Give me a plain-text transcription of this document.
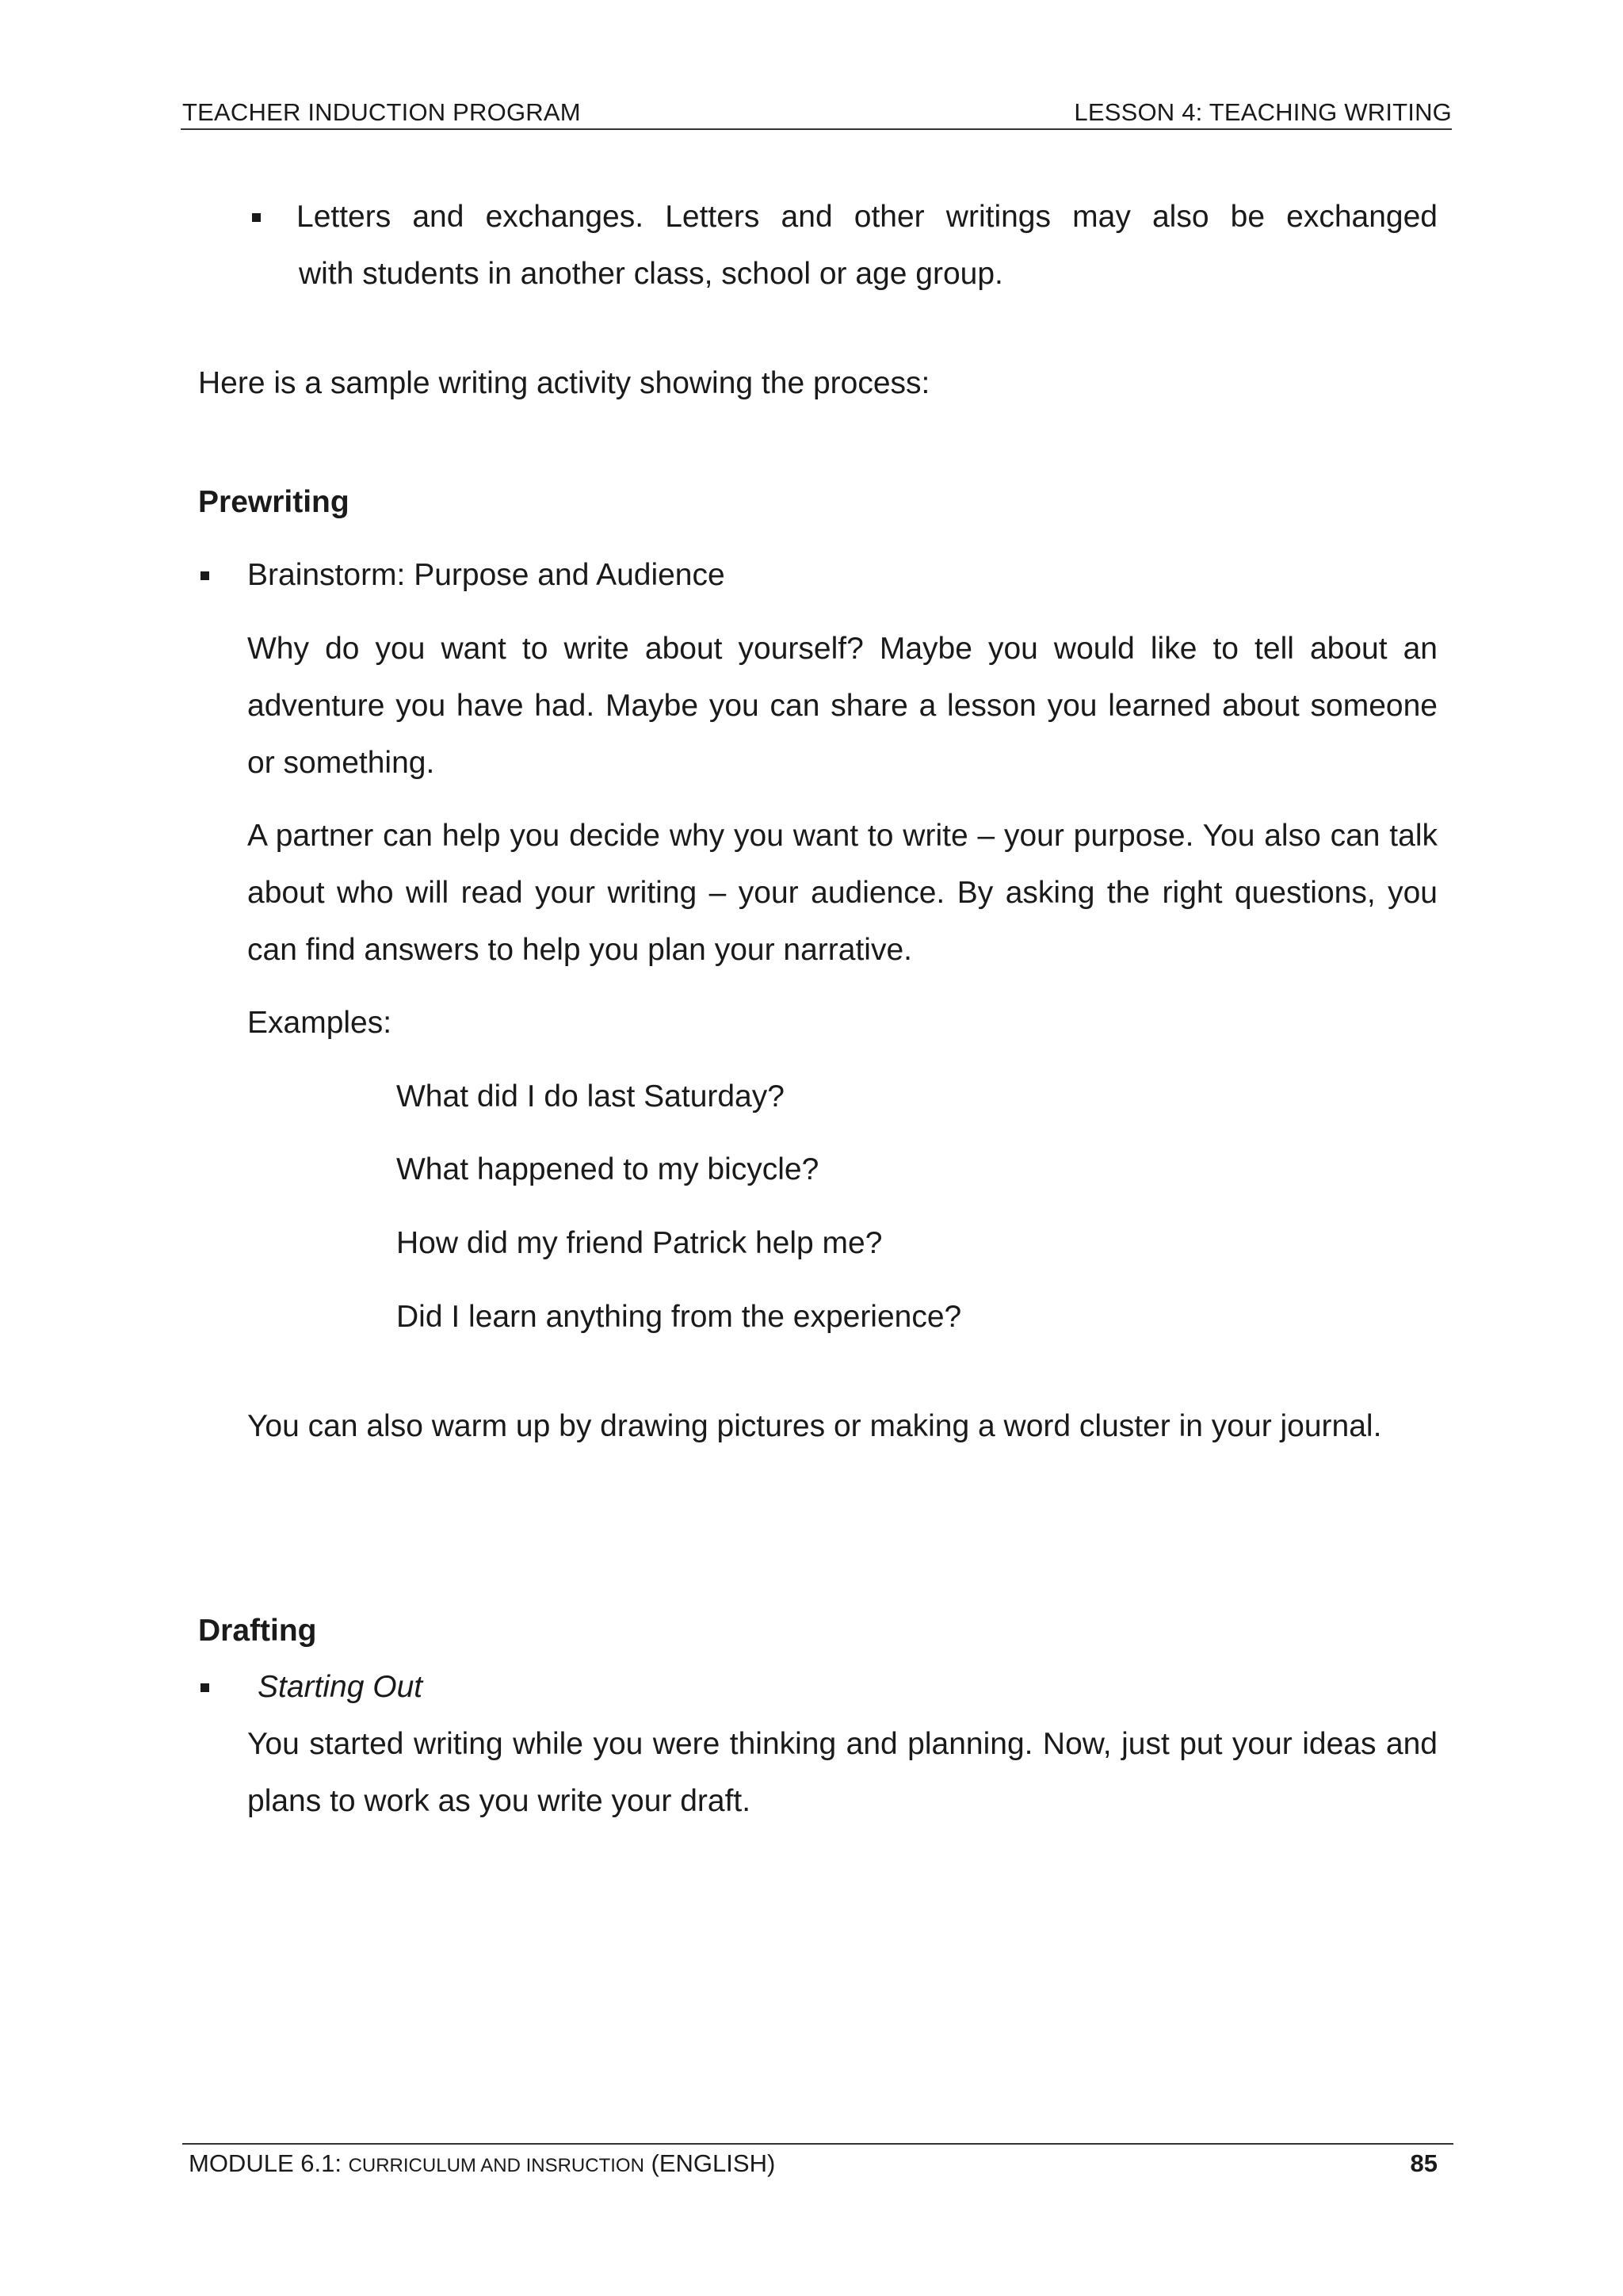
TEACHER INDUCTION PROGRAM	LESSON 4: TEACHING WRITING
Letters and exchanges. Letters and other writings may also be exchanged
with students in another class, school or age group.
Here is a sample writing activity showing the process:
Prewriting
Brainstorm: Purpose and Audience
Why do you want to write about yourself? Maybe you would like to tell about an adventure you have had. Maybe you can share a lesson you learned about someone or something.
A partner can help you decide why you want to write – your purpose. You also can talk about who will read your writing – your audience. By asking the right questions, you can find answers to help you plan your narrative.
Examples:
What did I do last Saturday?
What happened to my bicycle?
How did my friend Patrick help me?
Did I learn anything from the experience?
You can also warm up by drawing pictures or making a word cluster in your journal.
Drafting
Starting Out
You started writing while you were thinking and planning. Now, just put your ideas and plans to work as you write your draft.
MODULE 6.1: CURRICULUM AND INSRUCTION (ENGLISH)	85
